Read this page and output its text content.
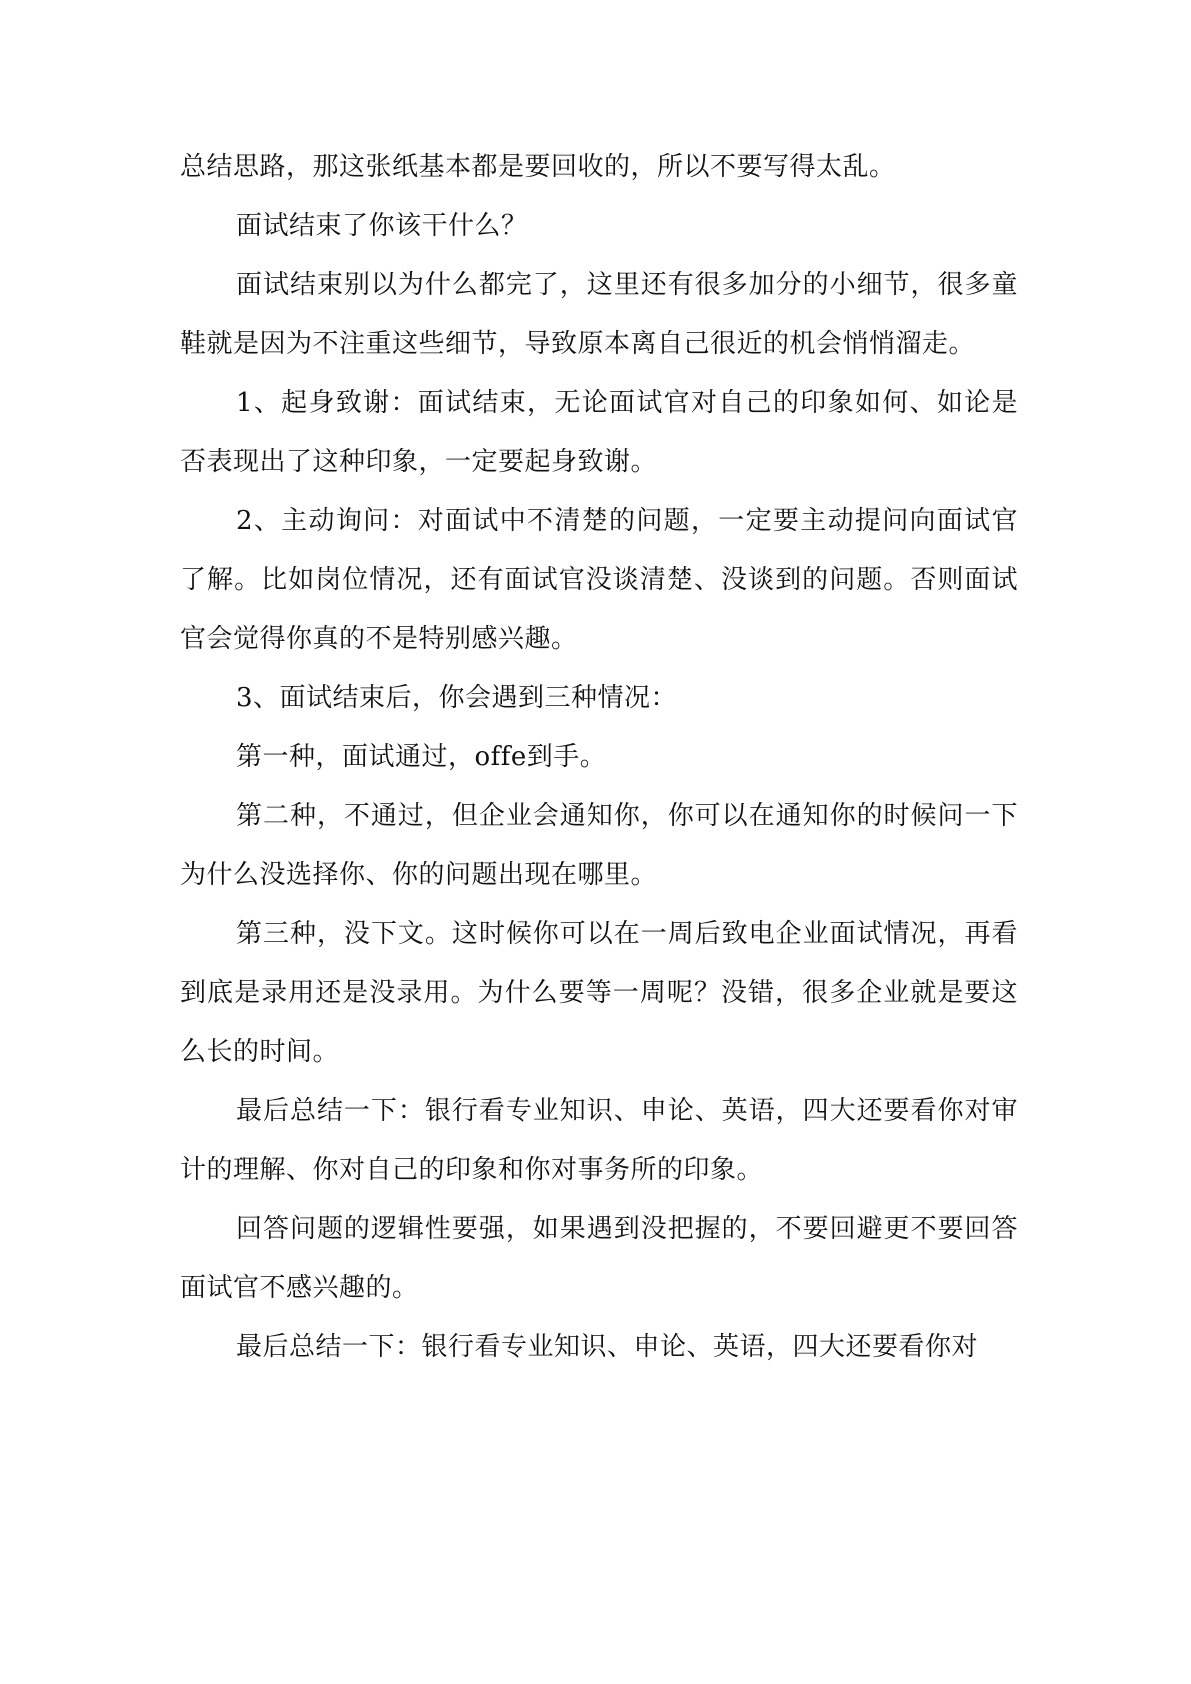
总结思路，那这张纸基本都是要回收的，所以不要写得太乱。

面试结束了你该干什么？

面试结束别以为什么都完了，这里还有很多加分的小细节，很多童鞋就是因为不注重这些细节，导致原本离自己很近的机会悄悄溜走。

1、起身致谢：面试结束，无论面试官对自己的印象如何、如论是否表现出了这种印象，一定要起身致谢。

2、主动询问：对面试中不清楚的问题，一定要主动提问向面试官了解。比如岗位情况，还有面试官没谈清楚、没谈到的问题。否则面试官会觉得你真的不是特别感兴趣。

3、面试结束后，你会遇到三种情况：

第一种，面试通过，offe到手。

第二种，不通过，但企业会通知你，你可以在通知你的时候问一下为什么没选择你、你的问题出现在哪里。

第三种，没下文。这时候你可以在一周后致电企业面试情况，再看到底是录用还是没录用。为什么要等一周呢？没错，很多企业就是要这么长的时间。

最后总结一下：银行看专业知识、申论、英语，四大还要看你对审计的理解、你对自己的印象和你对事务所的印象。

回答问题的逻辑性要强，如果遇到没把握的，不要回避更不要回答面试官不感兴趣的。

最后总结一下：银行看专业知识、申论、英语，四大还要看你对
